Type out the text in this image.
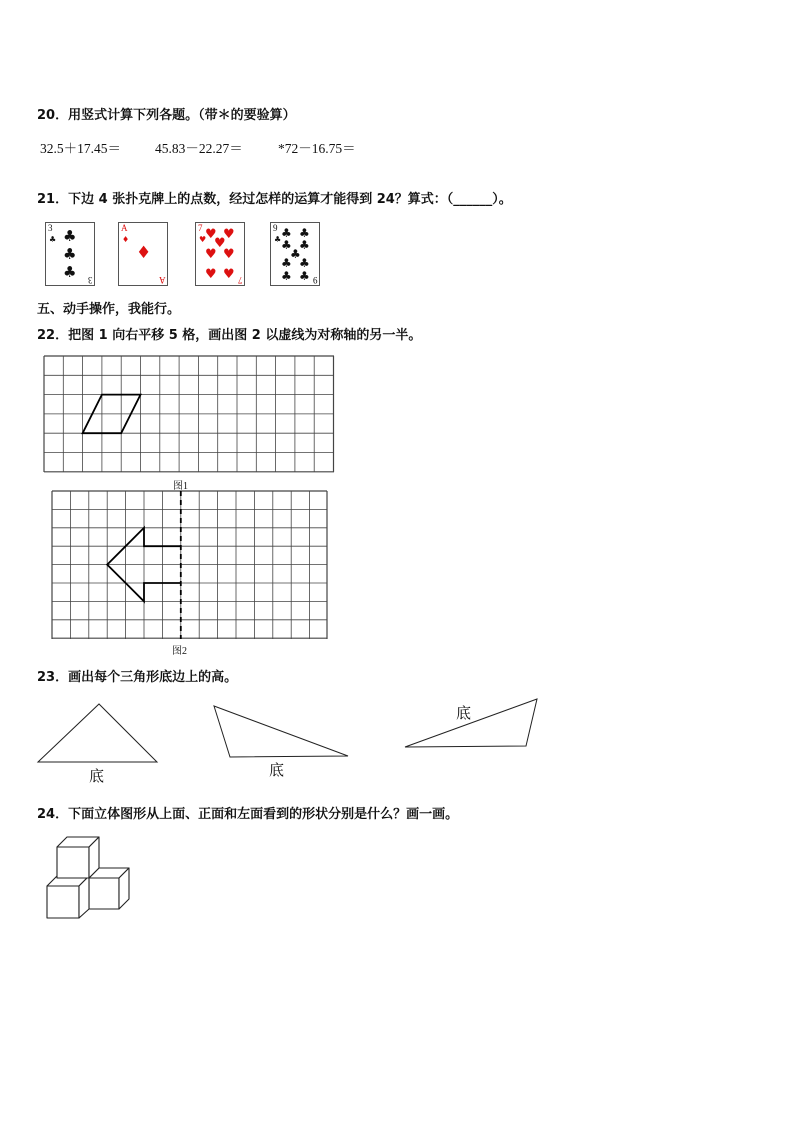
20．用竖式计算下列各题。（带＊的要验算）
32.5＋17.45＝	45.83－22.27＝	*72－16.75＝
21．下边 4 张扑克牌上的点数，经过怎样的运算才能得到 24？算式：（______）。
3
♣ ♣
♣
♣ 3
A
♦
♦
A
7
♥
♥ ♥
♥
♥ ♥
♥ ♥ 7
9
♣ ♣ ♣
♣ ♣
♣
♣ ♣
♣ ♣ 9
五、动手操作，我能行。
22．把图 1 向右平移 5 格，画出图 2 以虚线为对称轴的另一半。
图1
图2
23．画出每个三角形底边上的高。
底	底
底
24．下面立体图形从上面、正面和左面看到的形状分别是什么？画一画。
